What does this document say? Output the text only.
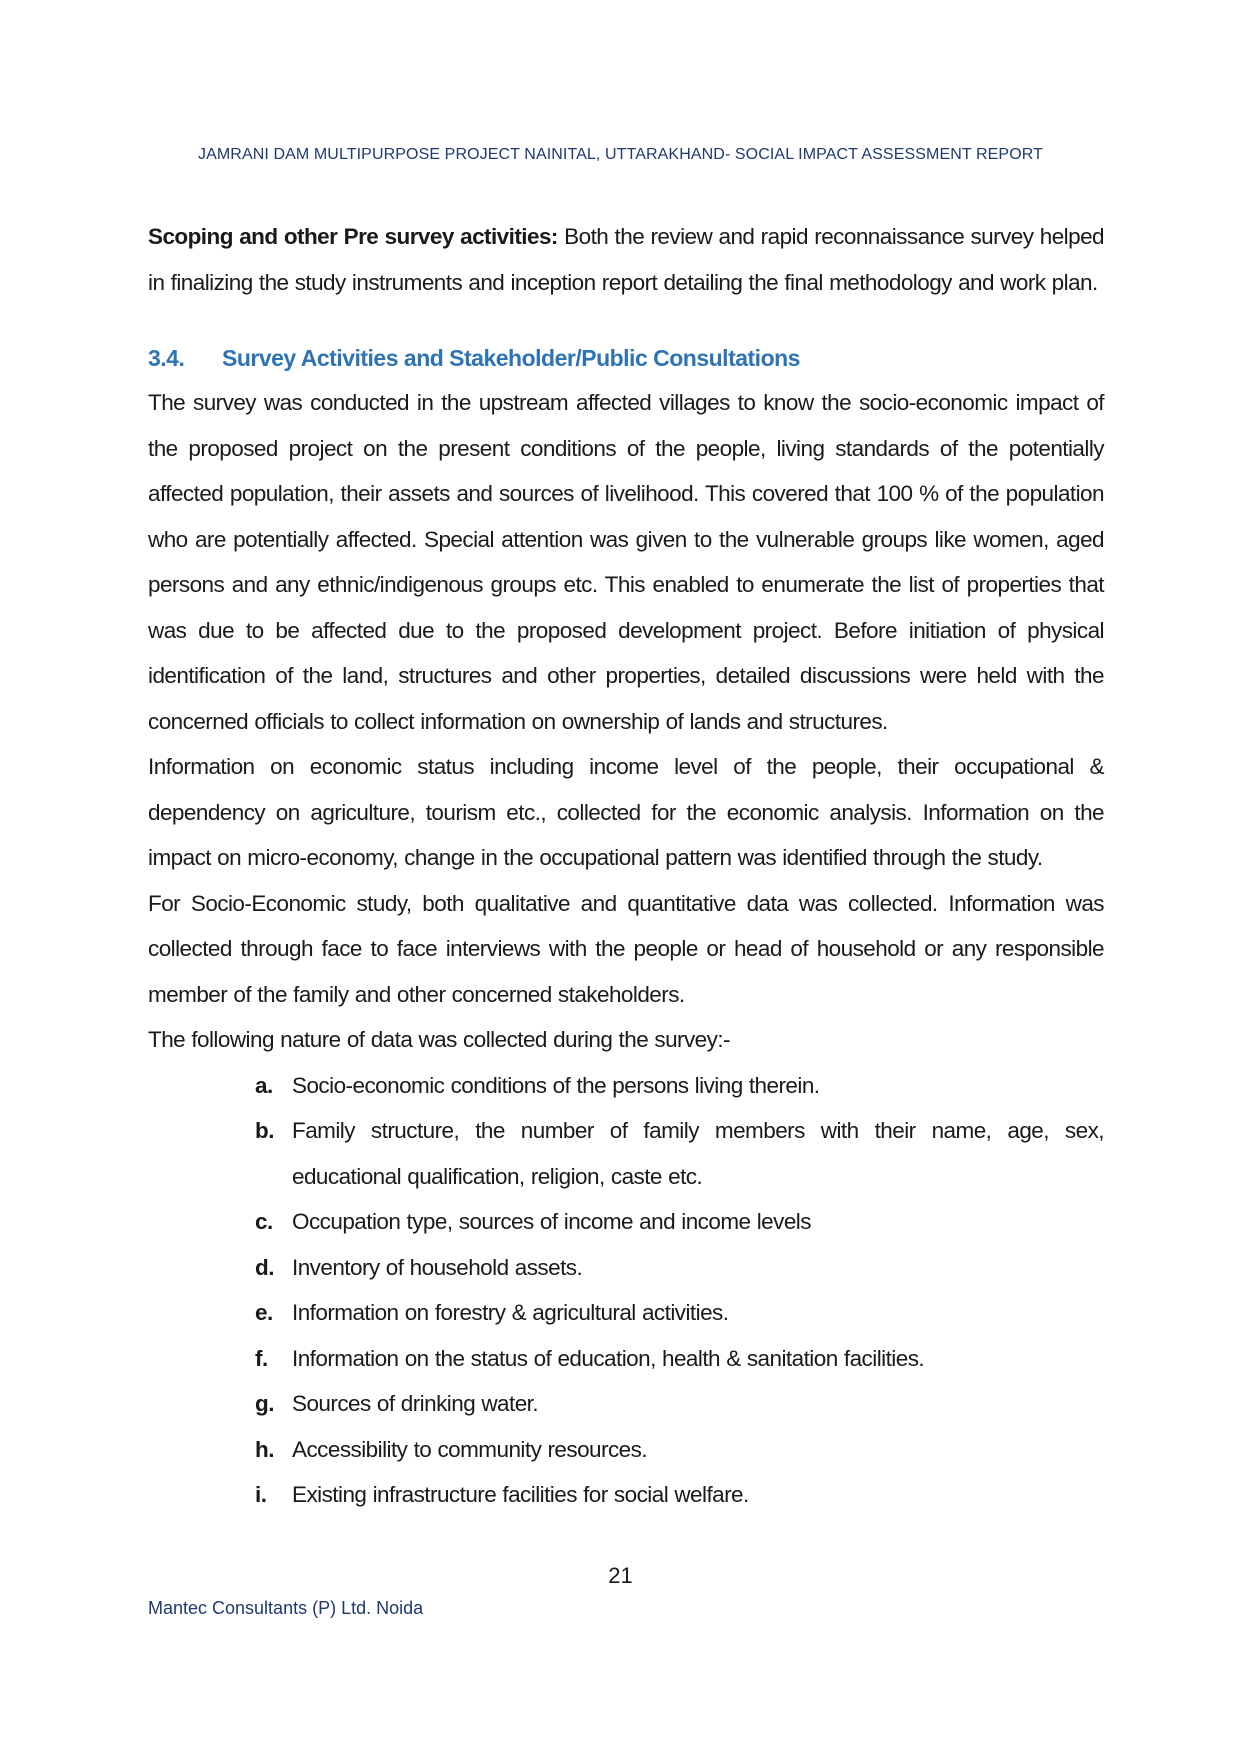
JAMRANI DAM MULTIPURPOSE PROJECT NAINITAL, UTTARAKHAND- SOCIAL IMPACT ASSESSMENT REPORT

Scoping and other Pre survey activities: Both the review and rapid reconnaissance survey helped in finalizing the study instruments and inception report detailing the final methodology and work plan.

3.4. Survey Activities and Stakeholder/Public Consultations

The survey was conducted in the upstream affected villages to know the socio-economic impact of the proposed project on the present conditions of the people, living standards of the potentially affected population, their assets and sources of livelihood. This covered that 100 % of the population who are potentially affected. Special attention was given to the vulnerable groups like women, aged persons and any ethnic/indigenous groups etc. This enabled to enumerate the list of properties that was due to be affected due to the proposed development project. Before initiation of physical identification of the land, structures and other properties, detailed discussions were held with the concerned officials to collect information on ownership of lands and structures.

Information on economic status including income level of the people, their occupational & dependency on agriculture, tourism etc., collected for the economic analysis. Information on the impact on micro-economy, change in the occupational pattern was identified through the study.

For Socio-Economic study, both qualitative and quantitative data was collected. Information was collected through face to face interviews with the people or head of household or any responsible member of the family and other concerned stakeholders.

The following nature of data was collected during the survey:-

a. Socio-economic conditions of the persons living therein.
b. Family structure, the number of family members with their name, age, sex, educational qualification, religion, caste etc.
c. Occupation type, sources of income and income levels
d. Inventory of household assets.
e. Information on forestry & agricultural activities.
f. Information on the status of education, health & sanitation facilities.
g. Sources of drinking water.
h. Accessibility to community resources.
i. Existing infrastructure facilities for social welfare.
21
Mantec Consultants (P) Ltd. Noida
